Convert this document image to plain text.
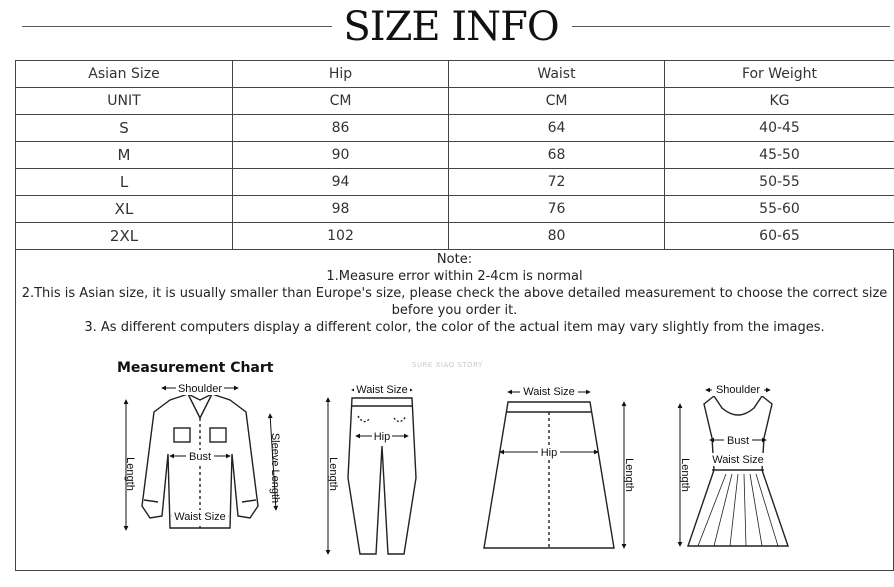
SIZE INFO
Asian Size	Hip	Waist	For Weight
UNIT	CM	CM	KG
S	86	64	40-45
M	90	68	45-50
L	94	72	50-55
XL	98	76	55-60
2XL	102	80	60-65
Note:
1.Measure error within 2-4cm is normal
2.This is Asian size, it is usually smaller than Europe's size, please check the above detailed measurement to choose the correct size before you order it.
3. As different computers display a different color, the color of the actual item may vary slightly from the images.
Measurement Chart	SURE XIAO STORY
Shoulder
Bust
Waist Size
Length	Sleeve Length
Waist Size
Hip
Length
Waist Size
Hip
Length
Shoulder
Bust
Waist Size
Length
